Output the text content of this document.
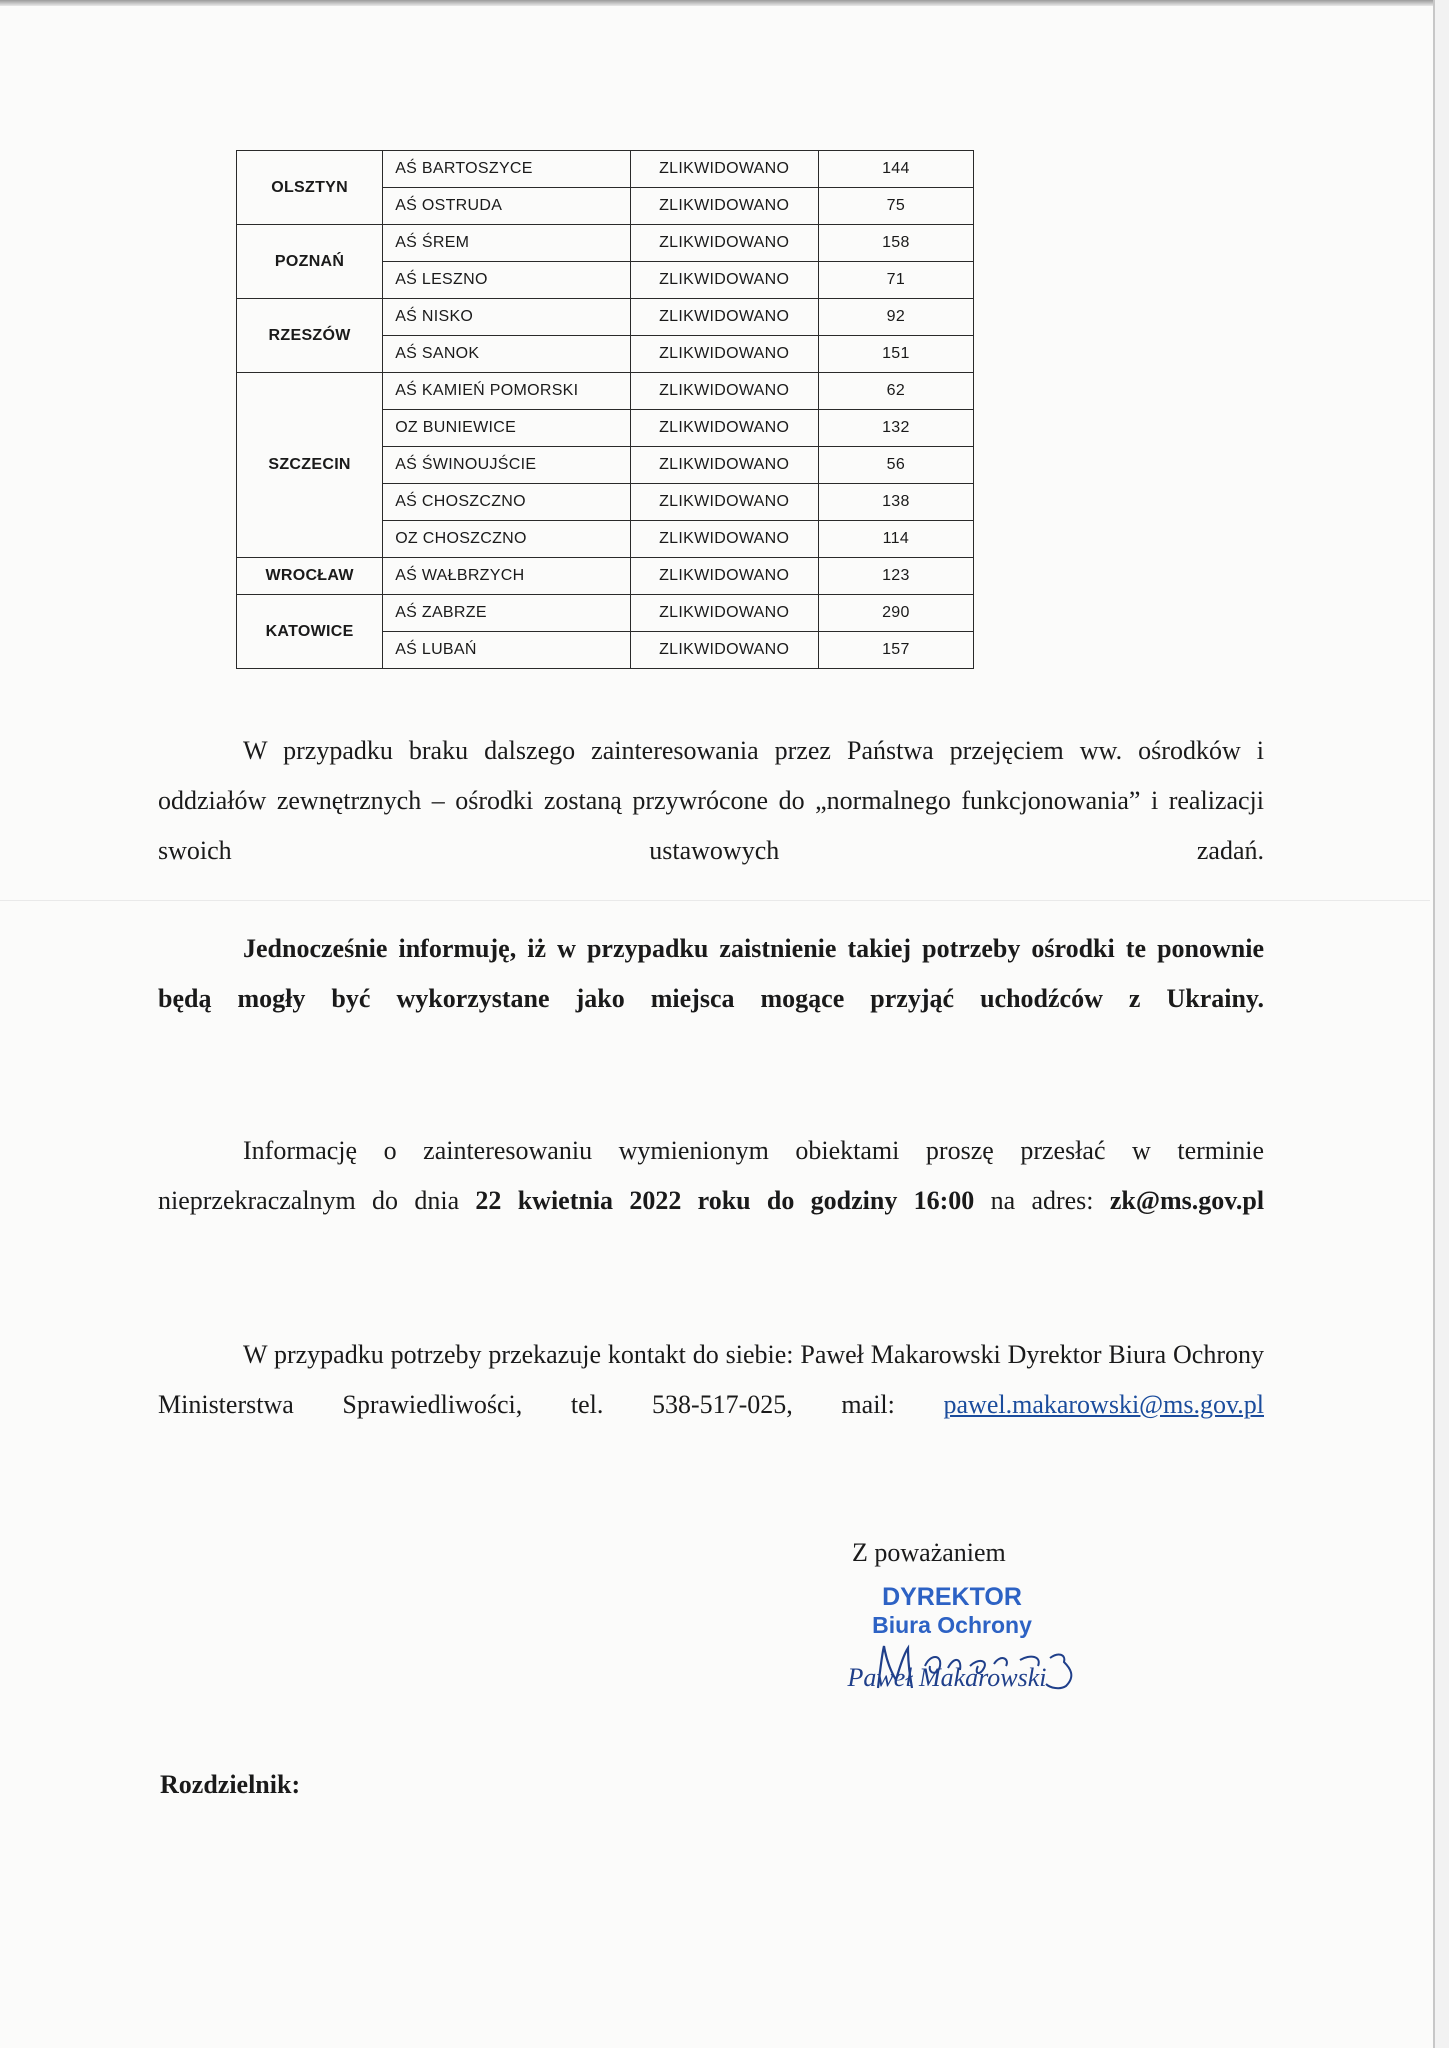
OLSZTYN	AŚ BARTOSZYCE	ZLIKWIDOWANO	144
	AŚ OSTRUDA	ZLIKWIDOWANO	75
POZNAŃ	AŚ ŚREM	ZLIKWIDOWANO	158
	AŚ LESZNO	ZLIKWIDOWANO	71
RZESZÓW	AŚ NISKO	ZLIKWIDOWANO	92
	AŚ SANOK	ZLIKWIDOWANO	151
SZCZECIN	AŚ KAMIEŃ POMORSKI	ZLIKWIDOWANO	62
	OZ BUNIEWICE	ZLIKWIDOWANO	132
	AŚ ŚWINOUJŚCIE	ZLIKWIDOWANO	56
	AŚ CHOSZCZNO	ZLIKWIDOWANO	138
	OZ CHOSZCZNO	ZLIKWIDOWANO	114
WROCŁAW	AŚ WAŁBRZYCH	ZLIKWIDOWANO	123
KATOWICE	AŚ ZABRZE	ZLIKWIDOWANO	290
	AŚ LUBAŃ	ZLIKWIDOWANO	157
W przypadku braku dalszego zainteresowania przez Państwa przejęciem ww. ośrodków i oddziałów zewnętrznych – ośrodki zostaną przywrócone do „normalnego funkcjonowania” i realizacji swoich ustawowych zadań.
Jednocześnie informuję, iż w przypadku zaistnienie takiej potrzeby ośrodki te ponownie będą mogły być wykorzystane jako miejsca mogące przyjąć uchodźców z Ukrainy.
Informację o zainteresowaniu wymienionym obiektami proszę przesłać w terminie nieprzekraczalnym do dnia 22 kwietnia 2022 roku do godziny 16:00 na adres: zk@ms.gov.pl
W przypadku potrzeby przekazuje kontakt do siebie: Paweł Makarowski Dyrektor Biura Ochrony Ministerstwa Sprawiedliwości, tel. 538-517-025, mail: pawel.makarowski@ms.gov.pl
Z poważaniem
DYREKTOR
Biura Ochrony
Paweł Makarowski
Rozdzielnik:
